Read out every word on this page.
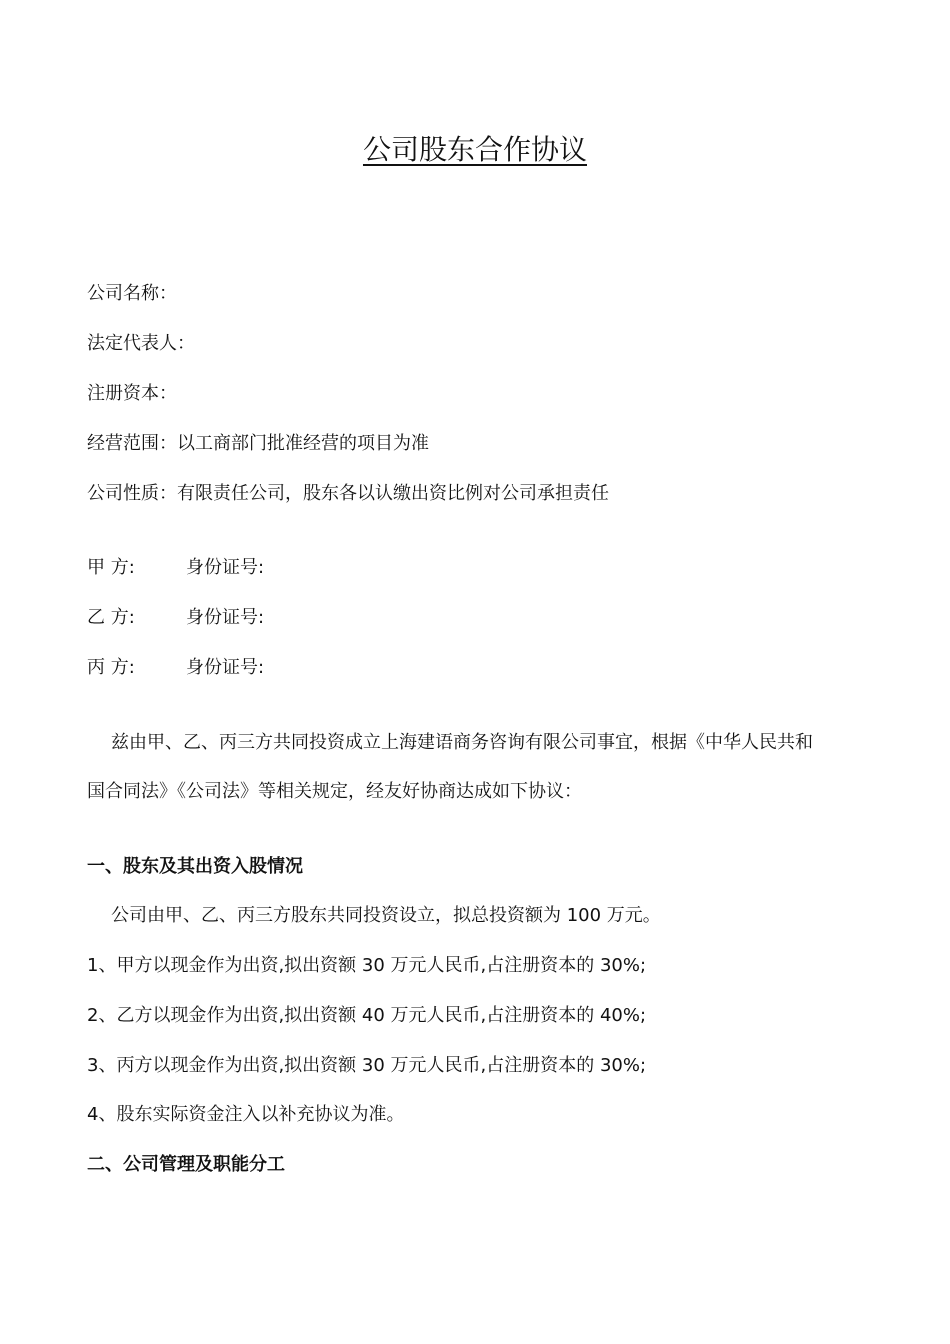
公司股东合作协议
公司名称：
法定代表人：
注册资本：
经营范围：以工商部门批准经营的项目为准
公司性质：有限责任公司，股东各以认缴出资比例对公司承担责任
甲 方:	身份证号:
乙 方:	身份证号:
丙 方:	身份证号:
兹由甲、乙、丙三方共同投资成立上海建语商务咨询有限公司事宜，根据《中华人民共和
国合同法》《公司法》等相关规定，经友好协商达成如下协议：
一、股东及其出资入股情况
公司由甲、乙、丙三方股东共同投资设立，拟总投资额为 100 万元。
1、甲方以现金作为出资,拟出资额 30 万元人民币,占注册资本的 30%;
2、乙方以现金作为出资,拟出资额 40 万元人民币,占注册资本的 40%;
3、丙方以现金作为出资,拟出资额 30 万元人民币,占注册资本的 30%;
4、股东实际资金注入以补充协议为准。
二、公司管理及职能分工
